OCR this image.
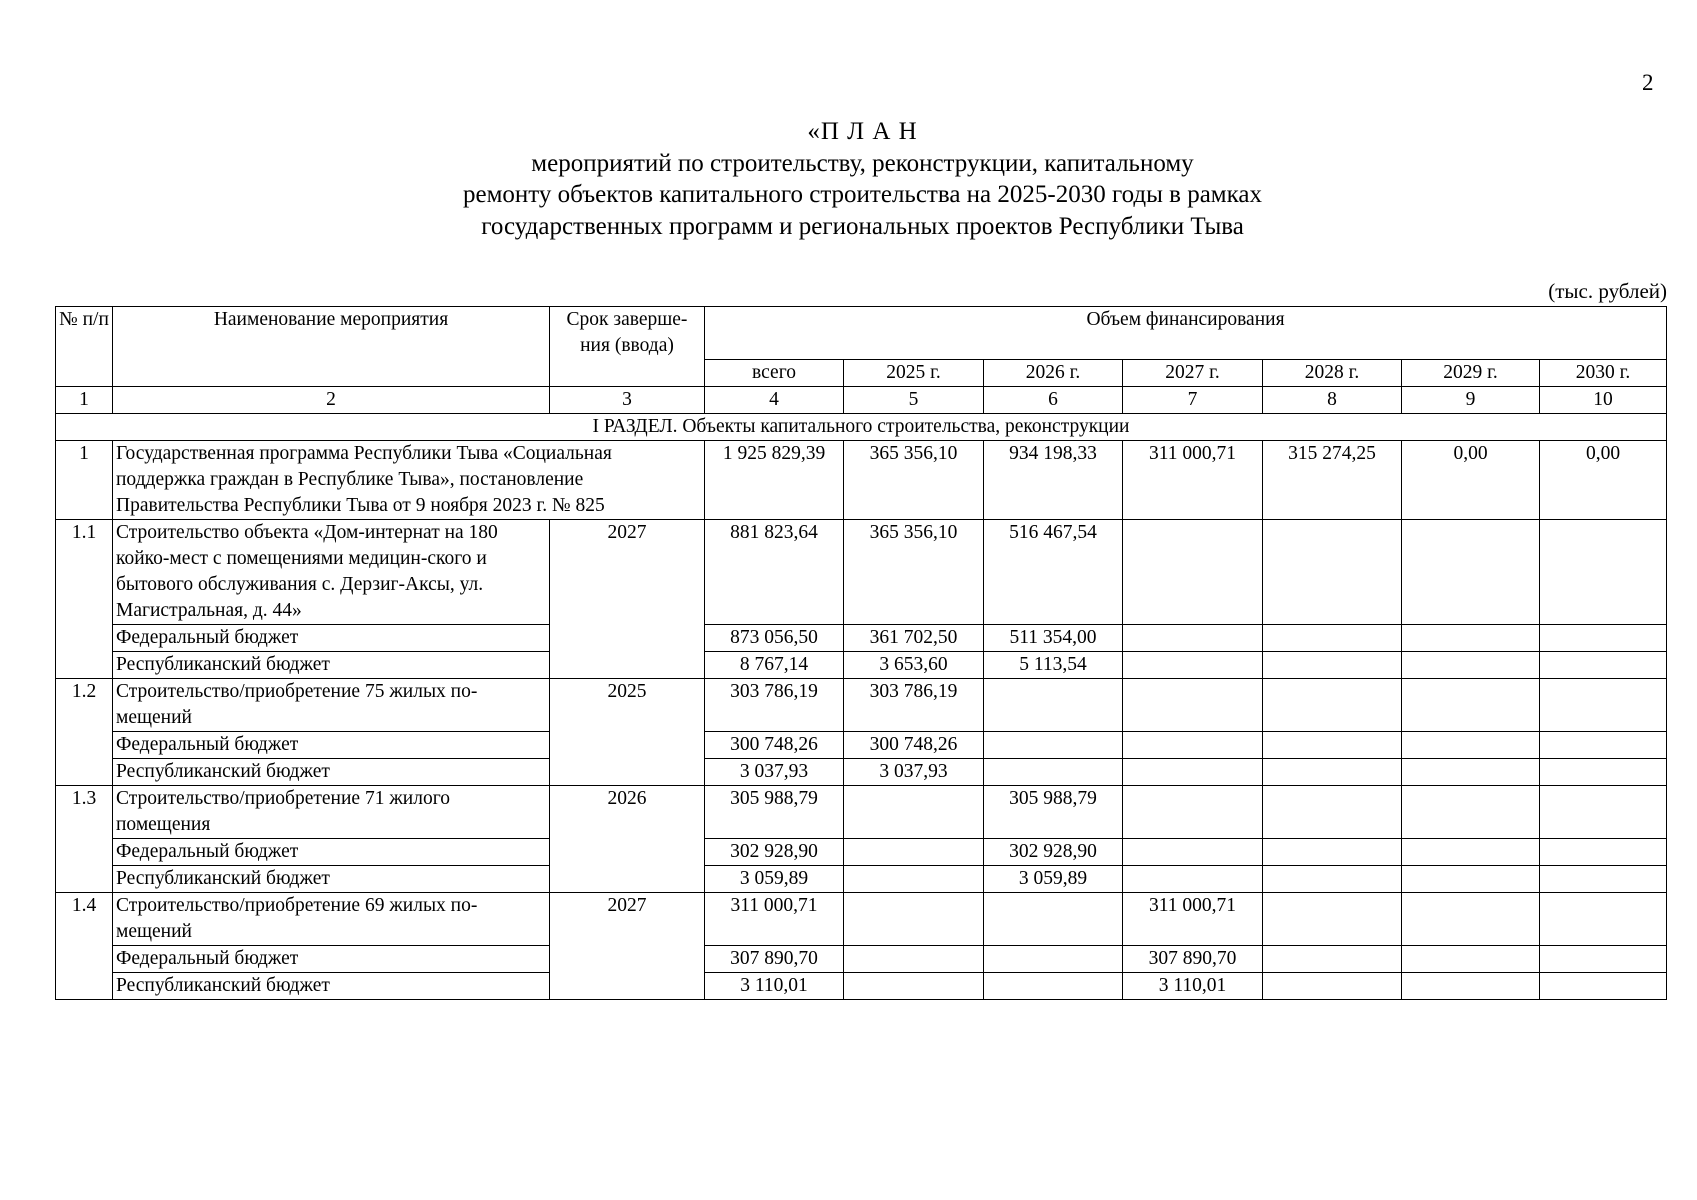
2
«П Л А Н
мероприятий по строительству, реконструкции, капитальному
ремонту объектов капитального строительства на 2025-2030 годы в рамках
государственных программ и региональных проектов Республики Тыва
(тыс. рублей)
№ п/п	Наименование мероприятия	Срок заверше-ния (ввода)	Объем финансирования						
			всего	2025 г.	2026 г.	2027 г.	2028 г.	2029 г.	2030 г.
1	2	3	4	5	6	7	8	9	10
I РАЗДЕЛ. Объекты капитального строительства, реконструкции									
1	Государственная программа Республики Тыва «Социальная поддержка граждан в Республике Тыва», постановление Правительства Республики Тыва от 9 ноября 2023 г. № 825		1 925 829,39	365 356,10	934 198,33	311 000,71	315 274,25	0,00	0,00
1.1	Строительство объекта «Дом-интернат на 180 койко-мест с помещениями медицин-ского и бытового обслуживания с. Дерзиг-Аксы, ул. Магистральная, д. 44»	2027	881 823,64	365 356,10	516 467,54				
	Федеральный бюджет		873 056,50	361 702,50	511 354,00				
	Республиканский бюджет		8 767,14	3 653,60	5 113,54				
1.2	Строительство/приобретение 75 жилых по-мещений	2025	303 786,19	303 786,19					
	Федеральный бюджет		300 748,26	300 748,26					
	Республиканский бюджет		3 037,93	3 037,93					
1.3	Строительство/приобретение 71 жилого помещения	2026	305 988,79		305 988,79				
	Федеральный бюджет		302 928,90		302 928,90				
	Республиканский бюджет		3 059,89		3 059,89				
1.4	Строительство/приобретение 69 жилых по-мещений	2027	311 000,71			311 000,71			
	Федеральный бюджет		307 890,70			307 890,70			
	Республиканский бюджет		3 110,01			3 110,01			
